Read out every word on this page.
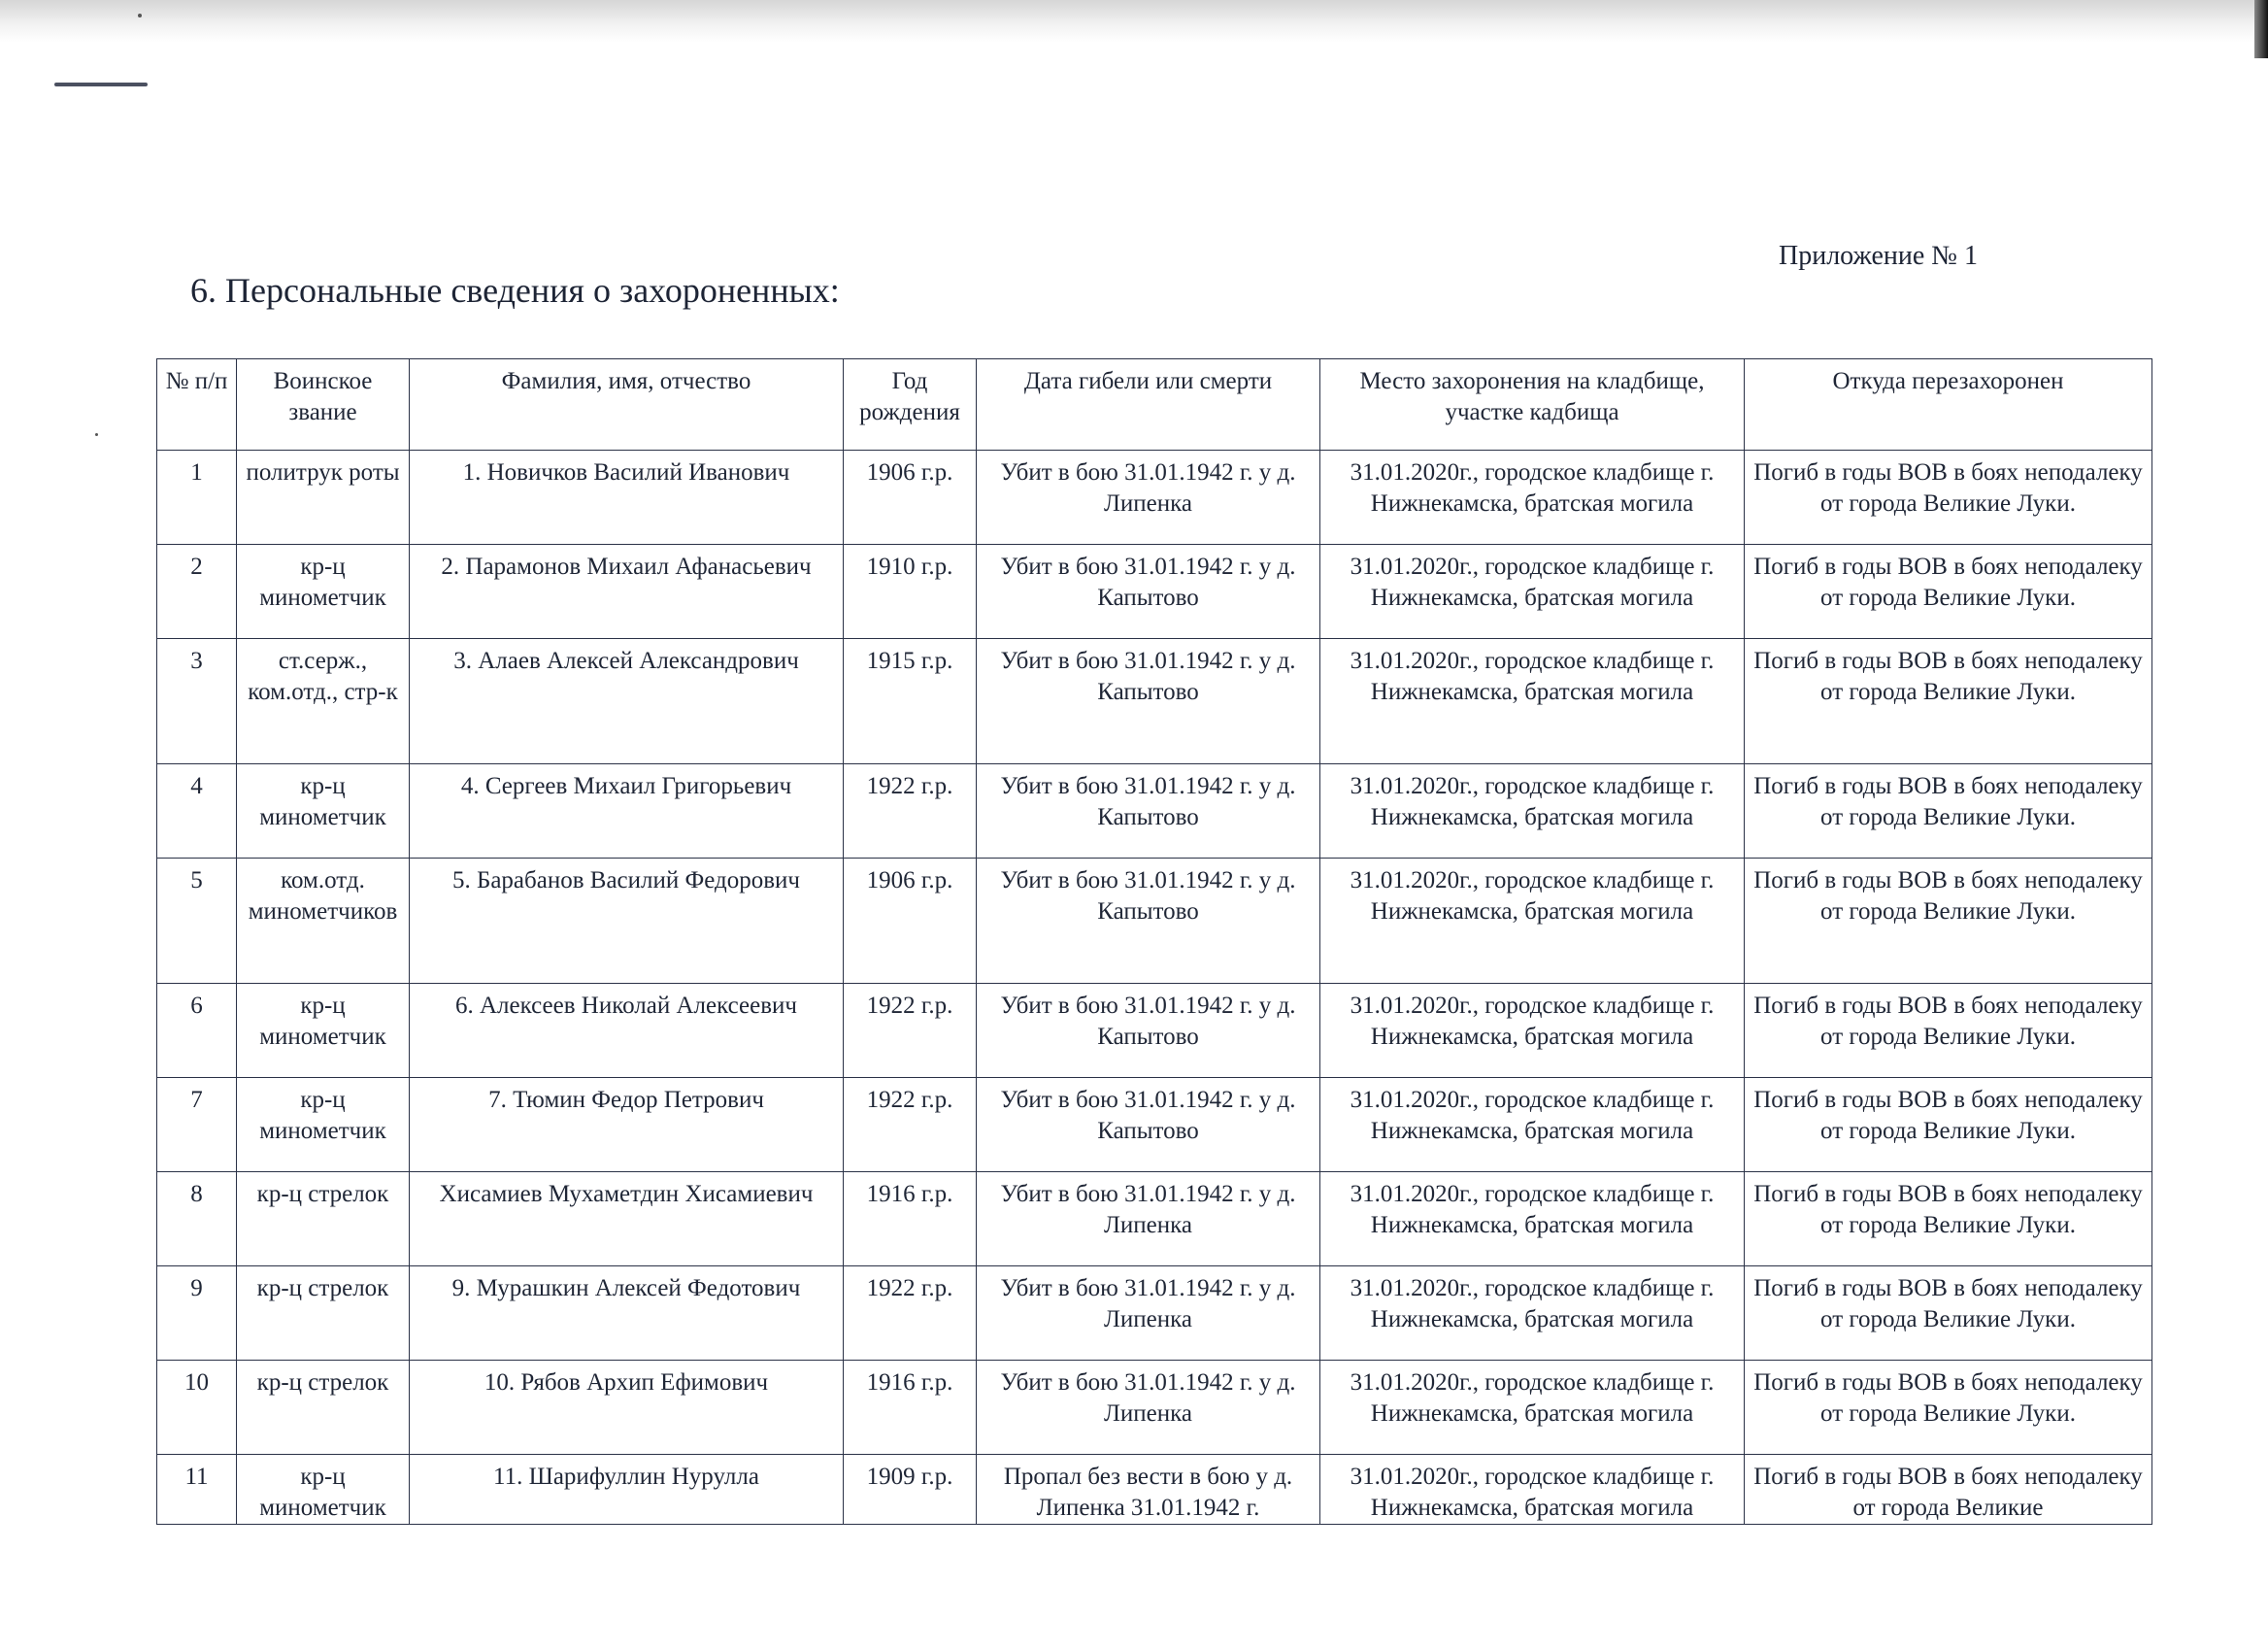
Приложение № 1
6. Персональные сведения о захороненных:
№ п/п	Воинское звание	Фамилия, имя, отчество	Год рождения	Дата гибели или смерти	Место захоронения на кладбище, участке кадбища	Откуда перезахоронен
1	политрук роты	1. Новичков Василий Иванович	1906 г.р.	Убит в бою 31.01.1942 г. у д. Липенка	31.01.2020г., городское кладбище г. Нижнекамска, братская могила	Погиб в годы ВОВ в боях неподалеку от города Великие Луки.
2	кр-ц минометчик	2. Парамонов Михаил Афанасьевич	1910 г.р.	Убит в бою 31.01.1942 г. у д. Капытово	31.01.2020г., городское кладбище г. Нижнекамска, братская могила	Погиб в годы ВОВ в боях неподалеку от города Великие Луки.
3	ст.серж., ком.отд., стр-к	3. Алаев Алексей Александрович	1915 г.р.	Убит в бою 31.01.1942 г. у д. Капытово	31.01.2020г., городское кладбище г. Нижнекамска, братская могила	Погиб в годы ВОВ в боях неподалеку от города Великие Луки.
4	кр-ц минометчик	4. Сергеев Михаил Григорьевич	1922 г.р.	Убит в бою 31.01.1942 г. у д. Капытово	31.01.2020г., городское кладбище г. Нижнекамска, братская могила	Погиб в годы ВОВ в боях неподалеку от города Великие Луки.
5	ком.отд. минометчиков	5. Барабанов Василий Федорович	1906 г.р.	Убит в бою 31.01.1942 г. у д. Капытово	31.01.2020г., городское кладбище г. Нижнекамска, братская могила	Погиб в годы ВОВ в боях неподалеку от города Великие Луки.
6	кр-ц минометчик	6. Алексеев Николай Алексеевич	1922 г.р.	Убит в бою 31.01.1942 г. у д. Капытово	31.01.2020г., городское кладбище г. Нижнекамска, братская могила	Погиб в годы ВОВ в боях неподалеку от города Великие Луки.
7	кр-ц минометчик	7. Тюмин Федор Петрович	1922 г.р.	Убит в бою 31.01.1942 г. у д. Капытово	31.01.2020г., городское кладбище г. Нижнекамска, братская могила	Погиб в годы ВОВ в боях неподалеку от города Великие Луки.
8	кр-ц стрелок	Хисамиев Мухаметдин Хисамиевич	1916 г.р.	Убит в бою 31.01.1942 г. у д. Липенка	31.01.2020г., городское кладбище г. Нижнекамска, братская могила	Погиб в годы ВОВ в боях неподалеку от города Великие Луки.
9	кр-ц стрелок	9. Мурашкин Алексей Федотович	1922 г.р.	Убит в бою 31.01.1942 г. у д. Липенка	31.01.2020г., городское кладбище г. Нижнекамска, братская могила	Погиб в годы ВОВ в боях неподалеку от города Великие Луки.
10	кр-ц стрелок	10. Рябов Архип Ефимович	1916 г.р.	Убит в бою 31.01.1942 г. у д. Липенка	31.01.2020г., городское кладбище г. Нижнекамска, братская могила	Погиб в годы ВОВ в боях неподалеку от города Великие Луки.
11	кр-ц минометчик	11. Шарифуллин Нурулла	1909 г.р.	Пропал без вести в бою у д. Липенка 31.01.1942 г.	31.01.2020г., городское кладбище г. Нижнекамска, братская могила	Погиб в годы ВОВ в боях неподалеку от города Великие
